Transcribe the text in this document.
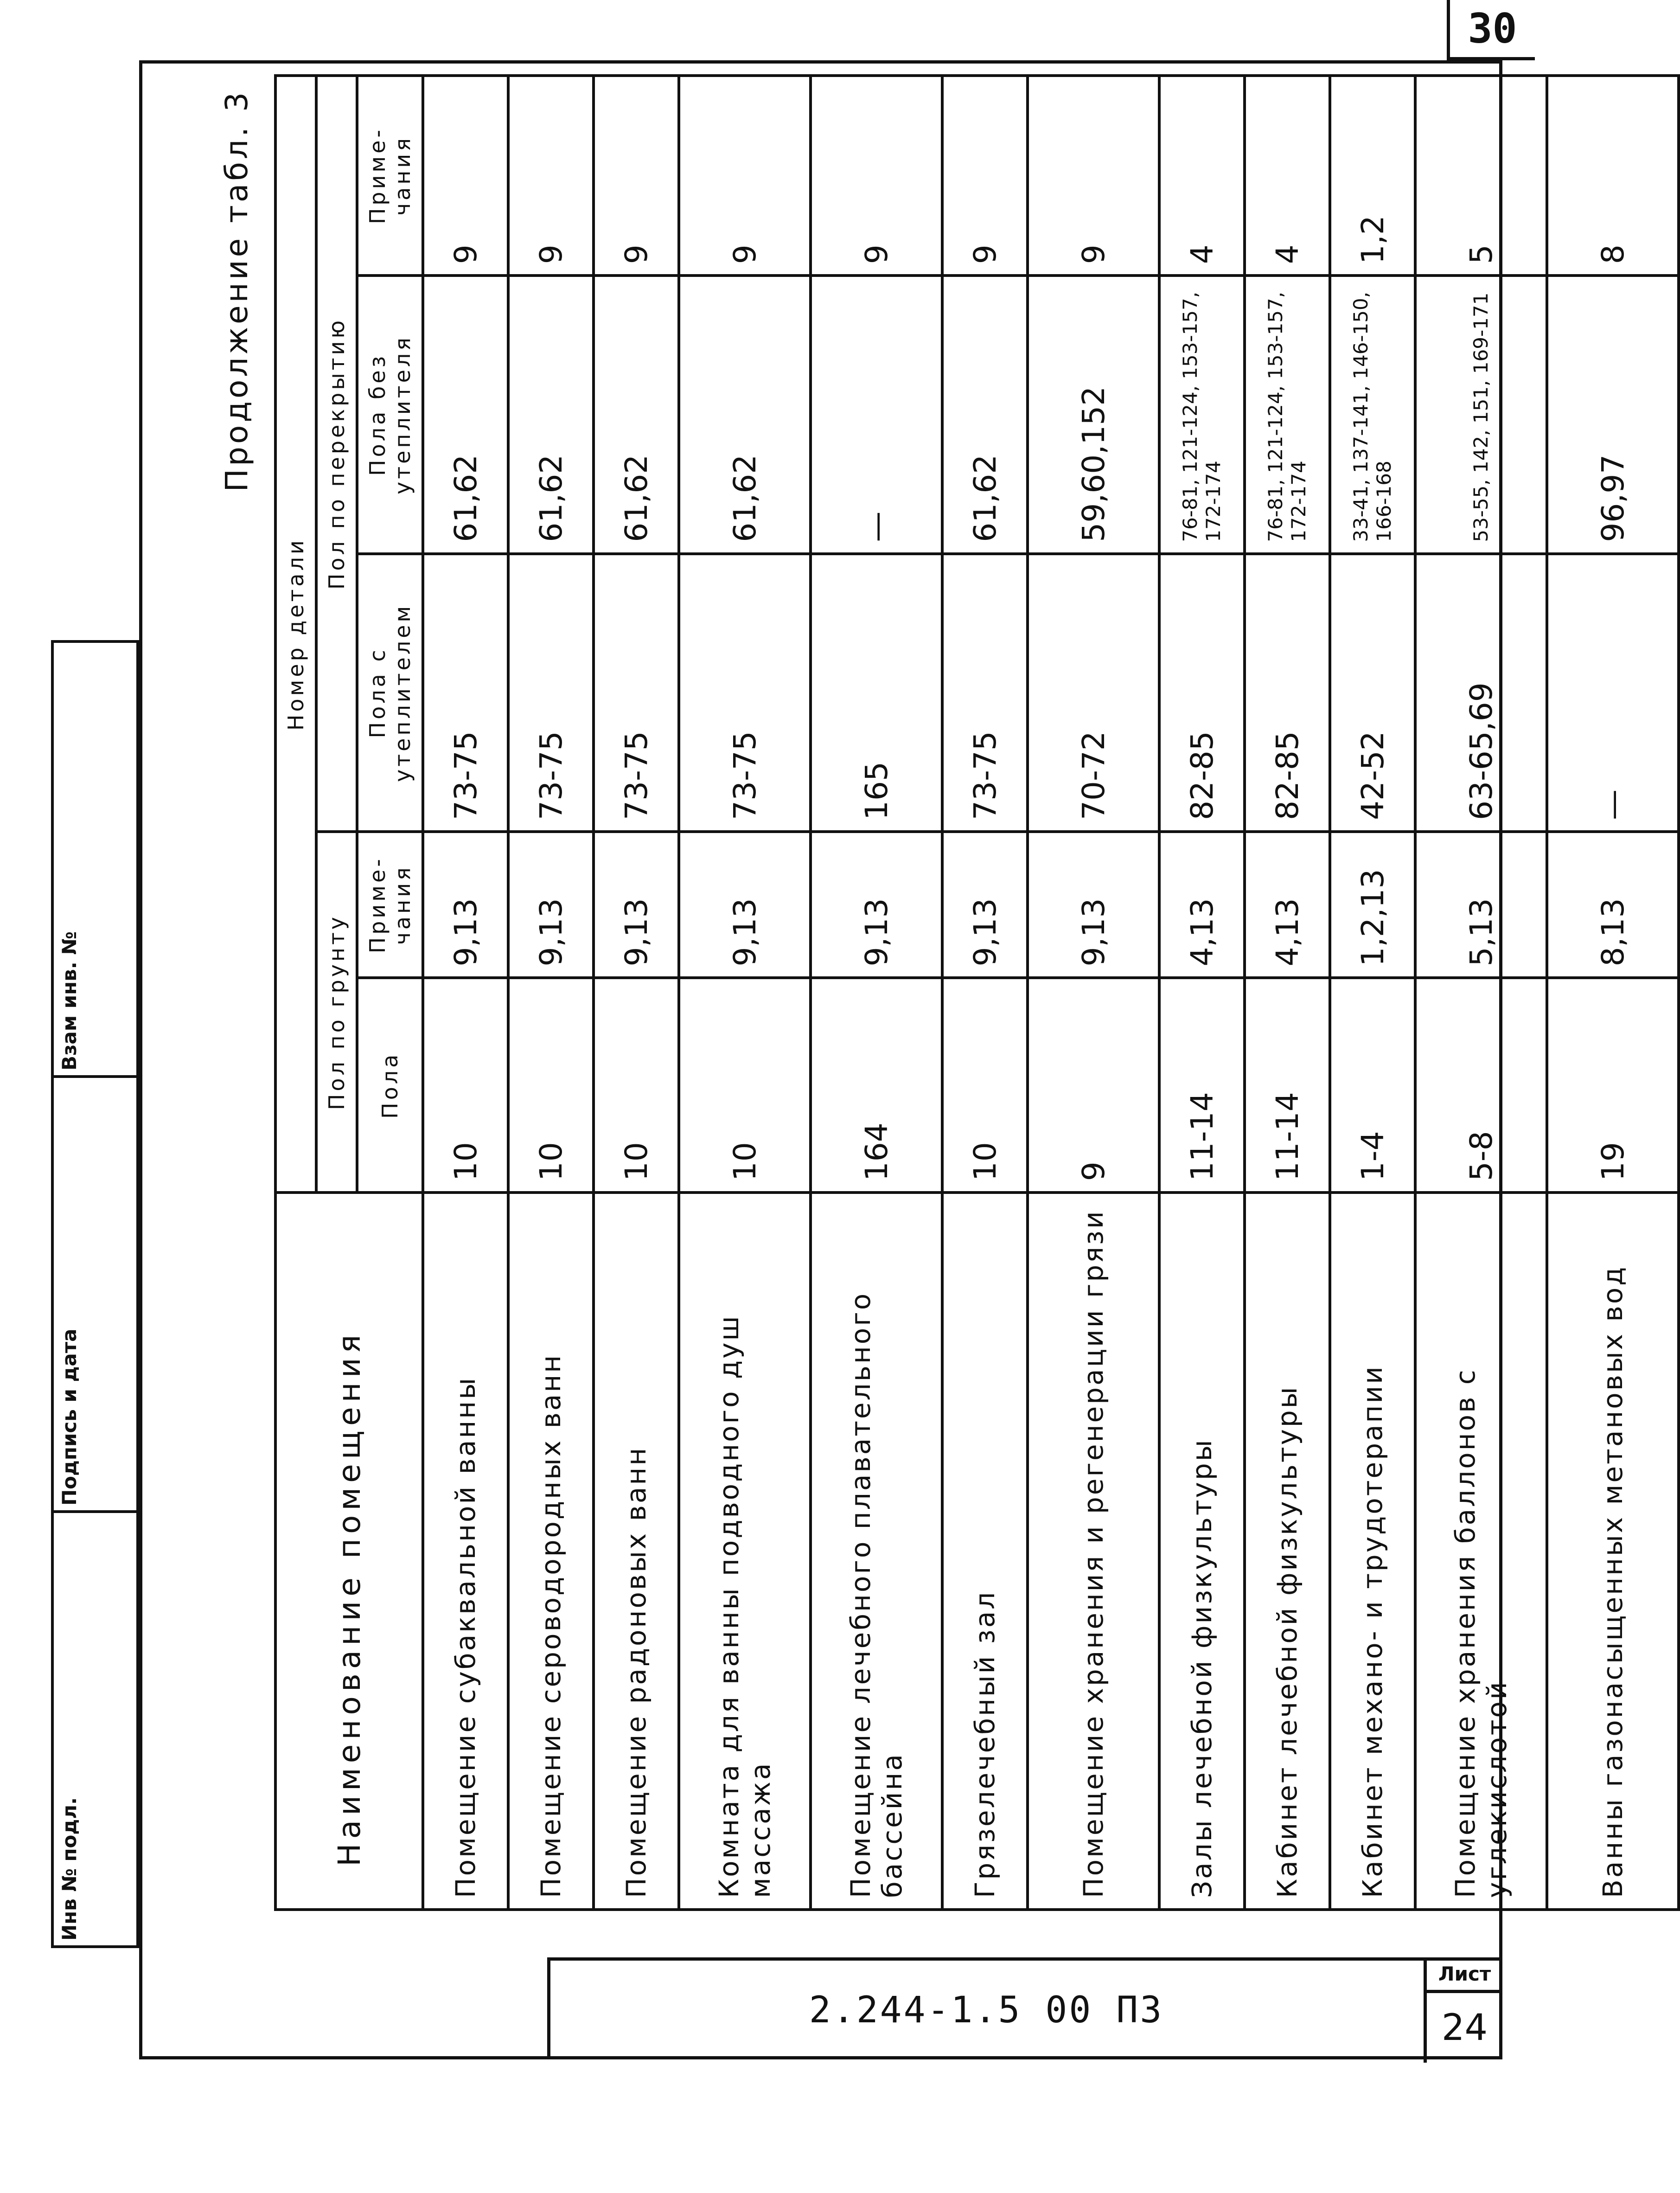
30
Взам инв. №
Подпись и дата
Инв № подл.
Продолжение табл. 3					
Наименование помещения	Номер детали				
	Пол по грунту		Пол по перекрытию		
	Пола	Приме-чания	Пола с утеплителем	Пола без утеплителя	Приме-чания
Помещение субаквальной ванны	10	9,13	73-75	61,62	9
Помещение сероводородных ванн	10	9,13	73-75	61,62	9
Помещение радоновых ванн	10	9,13	73-75	61,62	9
Комната для ванны подводного душ массажа	10	9,13	73-75	61,62	9
Помещение лечебного плавательного бассейна	164	9,13	165	—	9
Грязелечебный зал	10	9,13	73-75	61,62	9
Помещение хранения и регенерации грязи	9	9,13	70-72	59,60,152	9
Залы лечебной физкультуры	11-14	4,13	82-85	76-81, 121-124, 153-157, 172-174	4
Кабинет лечебной физкультуры	11-14	4,13	82-85	76-81, 121-124, 153-157, 172-174	4
Кабинет механо- и трудотерапии	1-4	1,2,13	42-52	33-41, 137-141, 146-150, 166-168	1,2
Помещение хранения баллонов с углекислотой	5-8	5,13	63-65,69	53-55, 142, 151, 169-171	5
Ванны газонасыщенных метановых вод	19	8,13	—	96,97	8
2.244-1.5 00 ПЗ
Лист
24
